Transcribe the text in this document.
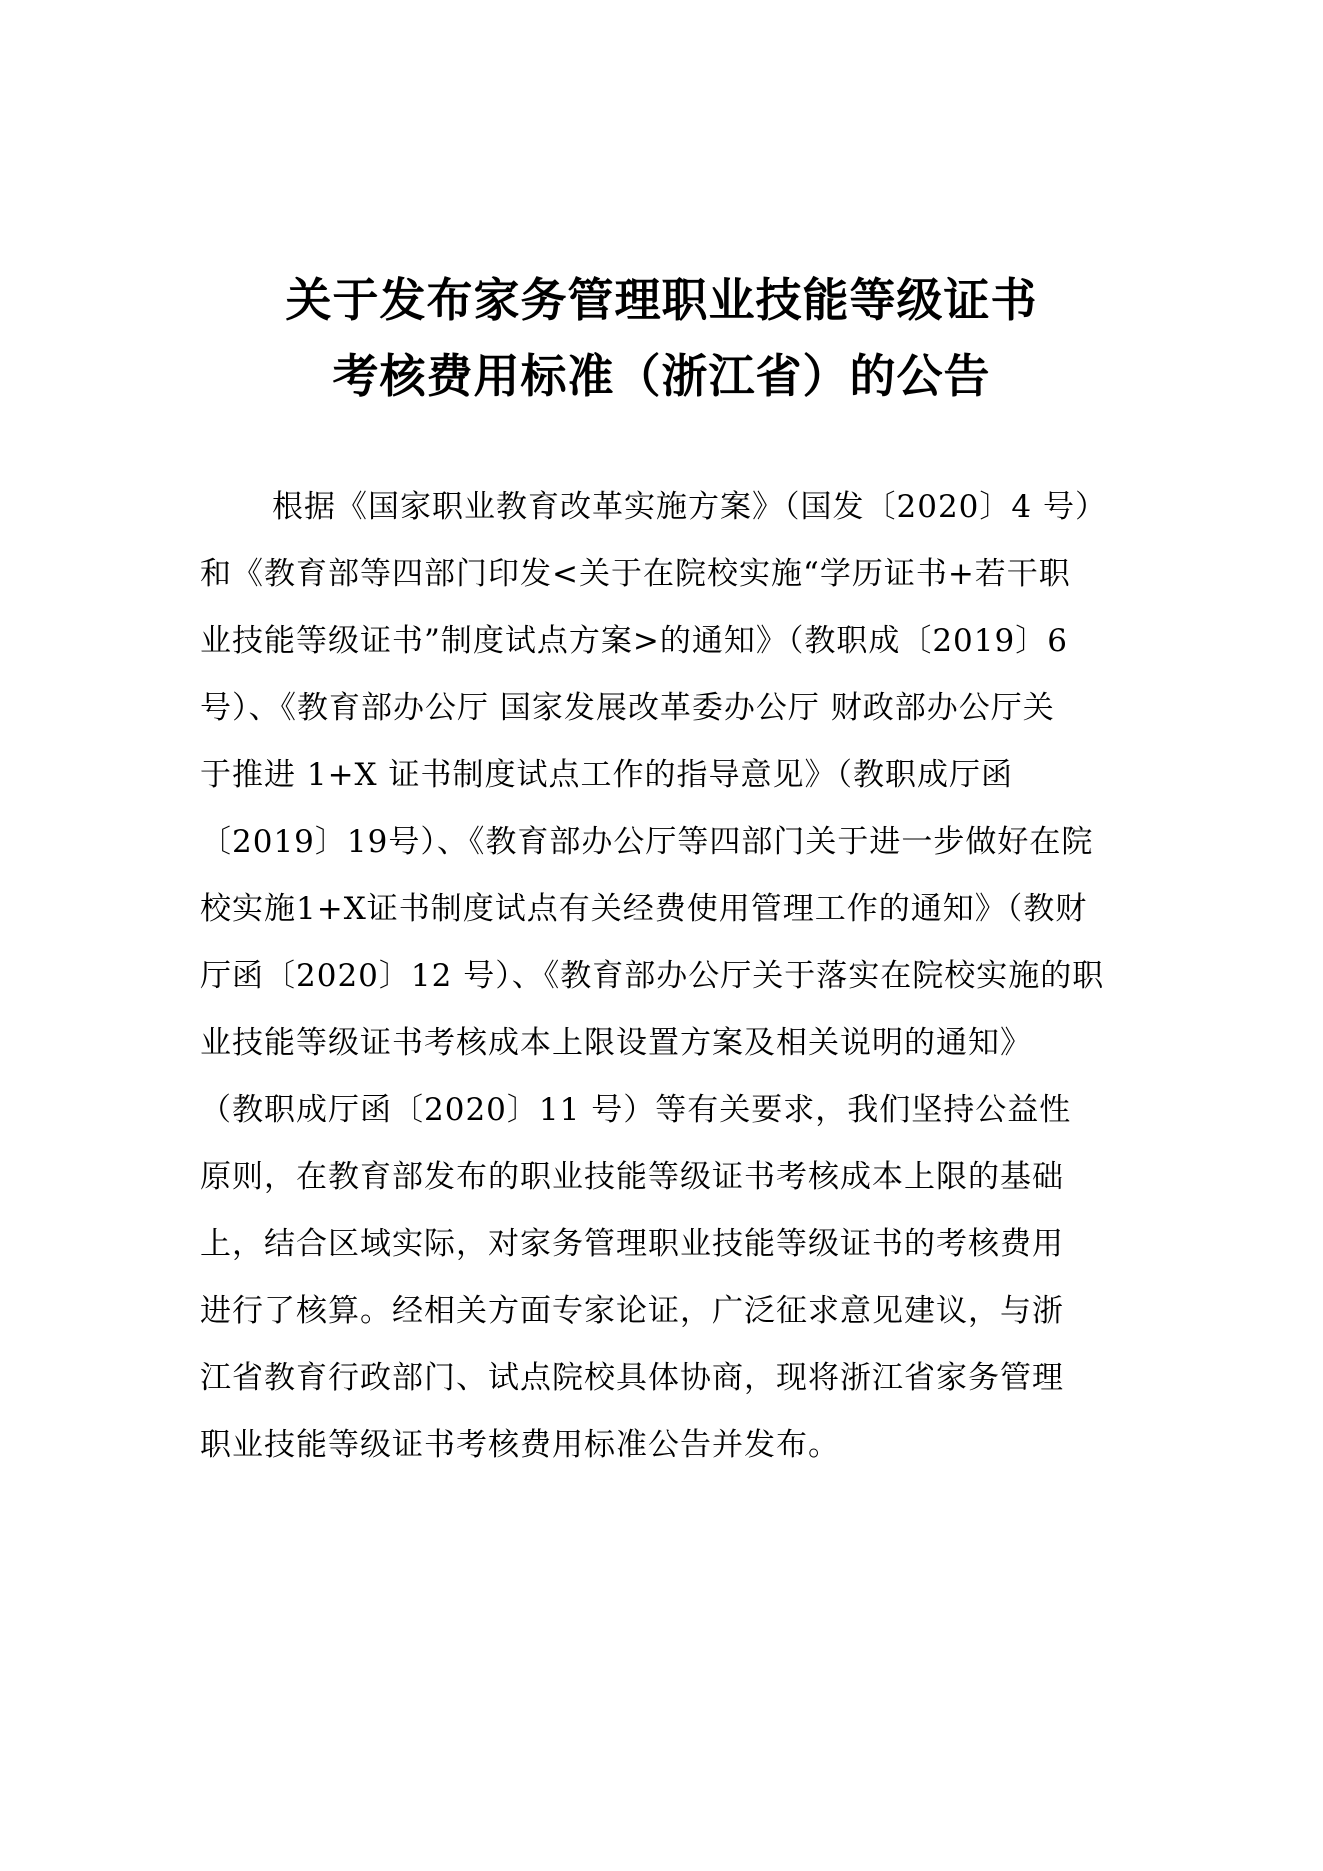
关于发布家务管理职业技能等级证书
考核费用标准（浙江省）的公告
根据《国家职业教育改革实施方案》（国发〔2020〕4 号）
和《教育部等四部门印发<关于在院校实施“学历证书+若干职
业技能等级证书”制度试点方案>的通知》（教职成〔2019〕6
号）、《教育部办公厅 国家发展改革委办公厅 财政部办公厅关
于推进 1+X 证书制度试点工作的指导意见》（教职成厅函
〔2019〕19号）、《教育部办公厅等四部门关于进一步做好在院
校实施1+X证书制度试点有关经费使用管理工作的通知》（教财
厅函〔2020〕12 号）、《教育部办公厅关于落实在院校实施的职
业技能等级证书考核成本上限设置方案及相关说明的通知》
（教职成厅函〔2020〕11 号）等有关要求，我们坚持公益性
原则，在教育部发布的职业技能等级证书考核成本上限的基础
上，结合区域实际，对家务管理职业技能等级证书的考核费用
进行了核算。经相关方面专家论证，广泛征求意见建议，与浙
江省教育行政部门、试点院校具体协商，现将浙江省家务管理
职业技能等级证书考核费用标准公告并发布。
